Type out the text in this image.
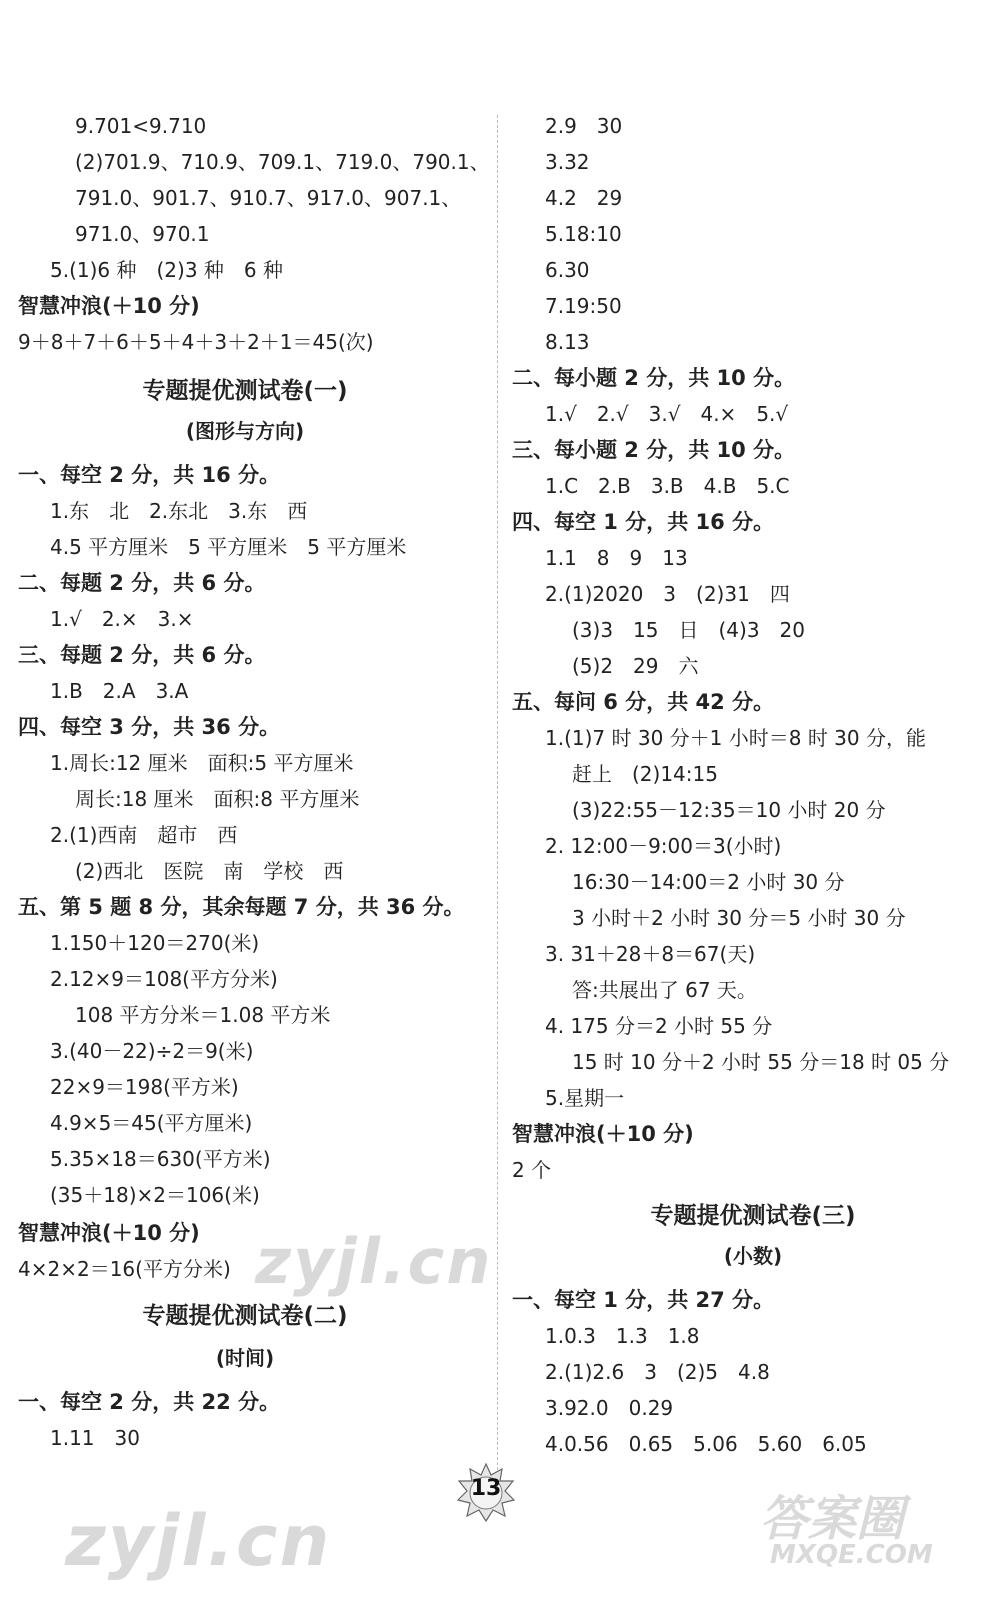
9.701<9.710
(2)701.9、710.9、709.1、719.0、790.1、
791.0、901.7、910.7、917.0、907.1、
971.0、970.1
5.(1)6 种　(2)3 种　6 种
智慧冲浪(＋10 分)
9＋8＋7＋6＋5＋4＋3＋2＋1＝45(次)
专题提优测试卷(一)
(图形与方向)
一、每空 2 分，共 16 分。
1.东　北　2.东北　3.东　西
4.5 平方厘米　5 平方厘米　5 平方厘米
二、每题 2 分，共 6 分。
1.√　2.×　3.×
三、每题 2 分，共 6 分。
1.B　2.A　3.A
四、每空 3 分，共 36 分。
1.周长:12 厘米　面积:5 平方厘米
周长:18 厘米　面积:8 平方厘米
2.(1)西南　超市　西
(2)西北　医院　南　学校　西
五、第 5 题 8 分，其余每题 7 分，共 36 分。
1.150＋120＝270(米)
2.12×9＝108(平方分米)
108 平方分米＝1.08 平方米
3.(40－22)÷2＝9(米)
22×9＝198(平方米)
4.9×5＝45(平方厘米)
5.35×18＝630(平方米)
(35＋18)×2＝106(米)
智慧冲浪(＋10 分)
4×2×2＝16(平方分米)
专题提优测试卷(二)
(时间)
一、每空 2 分，共 22 分。
1.11　30
2.9　30
3.32
4.2　29
5.18:10
6.30
7.19:50
8.13
二、每小题 2 分，共 10 分。
1.√　2.√　3.√　4.×　5.√
三、每小题 2 分，共 10 分。
1.C　2.B　3.B　4.B　5.C
四、每空 1 分，共 16 分。
1.1　8　9　13
2.(1)2020　3　(2)31　四
(3)3　15　日　(4)3　20
(5)2　29　六
五、每问 6 分，共 42 分。
1.(1)7 时 30 分＋1 小时＝8 时 30 分，能
赶上　(2)14:15
(3)22:55－12:35＝10 小时 20 分
2. 12:00－9:00＝3(小时)
16:30－14:00＝2 小时 30 分
3 小时＋2 小时 30 分＝5 小时 30 分
3. 31＋28＋8＝67(天)
答:共展出了 67 天。
4. 175 分＝2 小时 55 分
15 时 10 分＋2 小时 55 分＝18 时 05 分
5.星期一
智慧冲浪(＋10 分)
2 个
专题提优测试卷(三)
(小数)
一、每空 1 分，共 27 分。
1.0.3　1.3　1.8
2.(1)2.6　3　(2)5　4.8
3.92.0　0.29
4.0.56　0.65　5.06　5.60　6.05
13
zyjl.cn
zyjl.cn	答案圈
MXQE.COM
